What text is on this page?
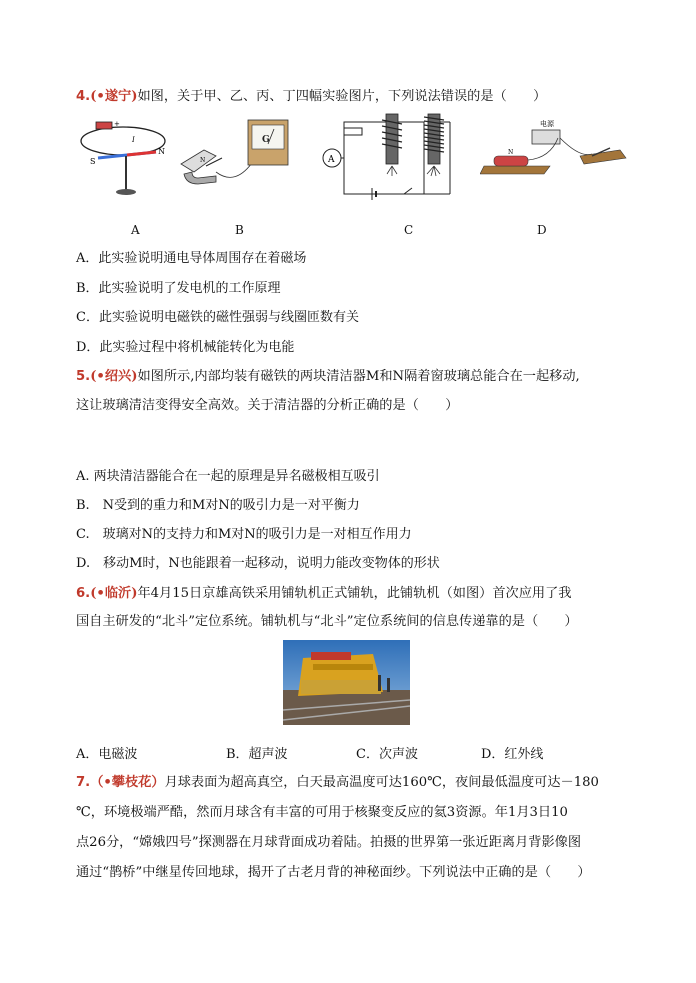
4.(•遂宁)如图，关于甲、乙、丙、丁四幅实验图片，下列说法错误的是（　　）
+
S
N
I
N
G
A
电源
N
A	B	C	D
A．此实验说明通电导体周围存在着磁场
B．此实验说明了发电机的工作原理
C．此实验说明电磁铁的磁性强弱与线圈匝数有关
D．此实验过程中将机械能转化为电能
5.(•绍兴)如图所示,内部均装有磁铁的两块清洁器M和N隔着窗玻璃总能合在一起移动,
这让玻璃清洁变得安全高效。关于清洁器的分析正确的是（　　）
A. 两块清洁器能合在一起的原理是异名磁极相互吸引
B.　N受到的重力和M对N的吸引力是一对平衡力
C.　玻璃对N的支持力和M对N的吸引力是一对相互作用力
D.　移动M时，N也能跟着一起移动，说明力能改变物体的形状
6.(•临沂)年4月15日京雄高铁采用铺轨机正式铺轨，此铺轨机（如图）首次应用了我
国自主研发的“北斗”定位系统。铺轨机与“北斗”定位系统间的信息传递靠的是（　　）
A．电磁波	B．超声波	C．次声波	D．红外线
7.（•攀枝花）月球表面为超高真空，白天最高温度可达160℃，夜间最低温度可达－180
℃，环境极端严酷，然而月球含有丰富的可用于核聚变反应的氦3资源。年1月3日10
点26分，“嫦娥四号”探测器在月球背面成功着陆。拍摄的世界第一张近距离月背影像图
通过“鹊桥”中继星传回地球，揭开了古老月背的神秘面纱。下列说法中正确的是（　　）
